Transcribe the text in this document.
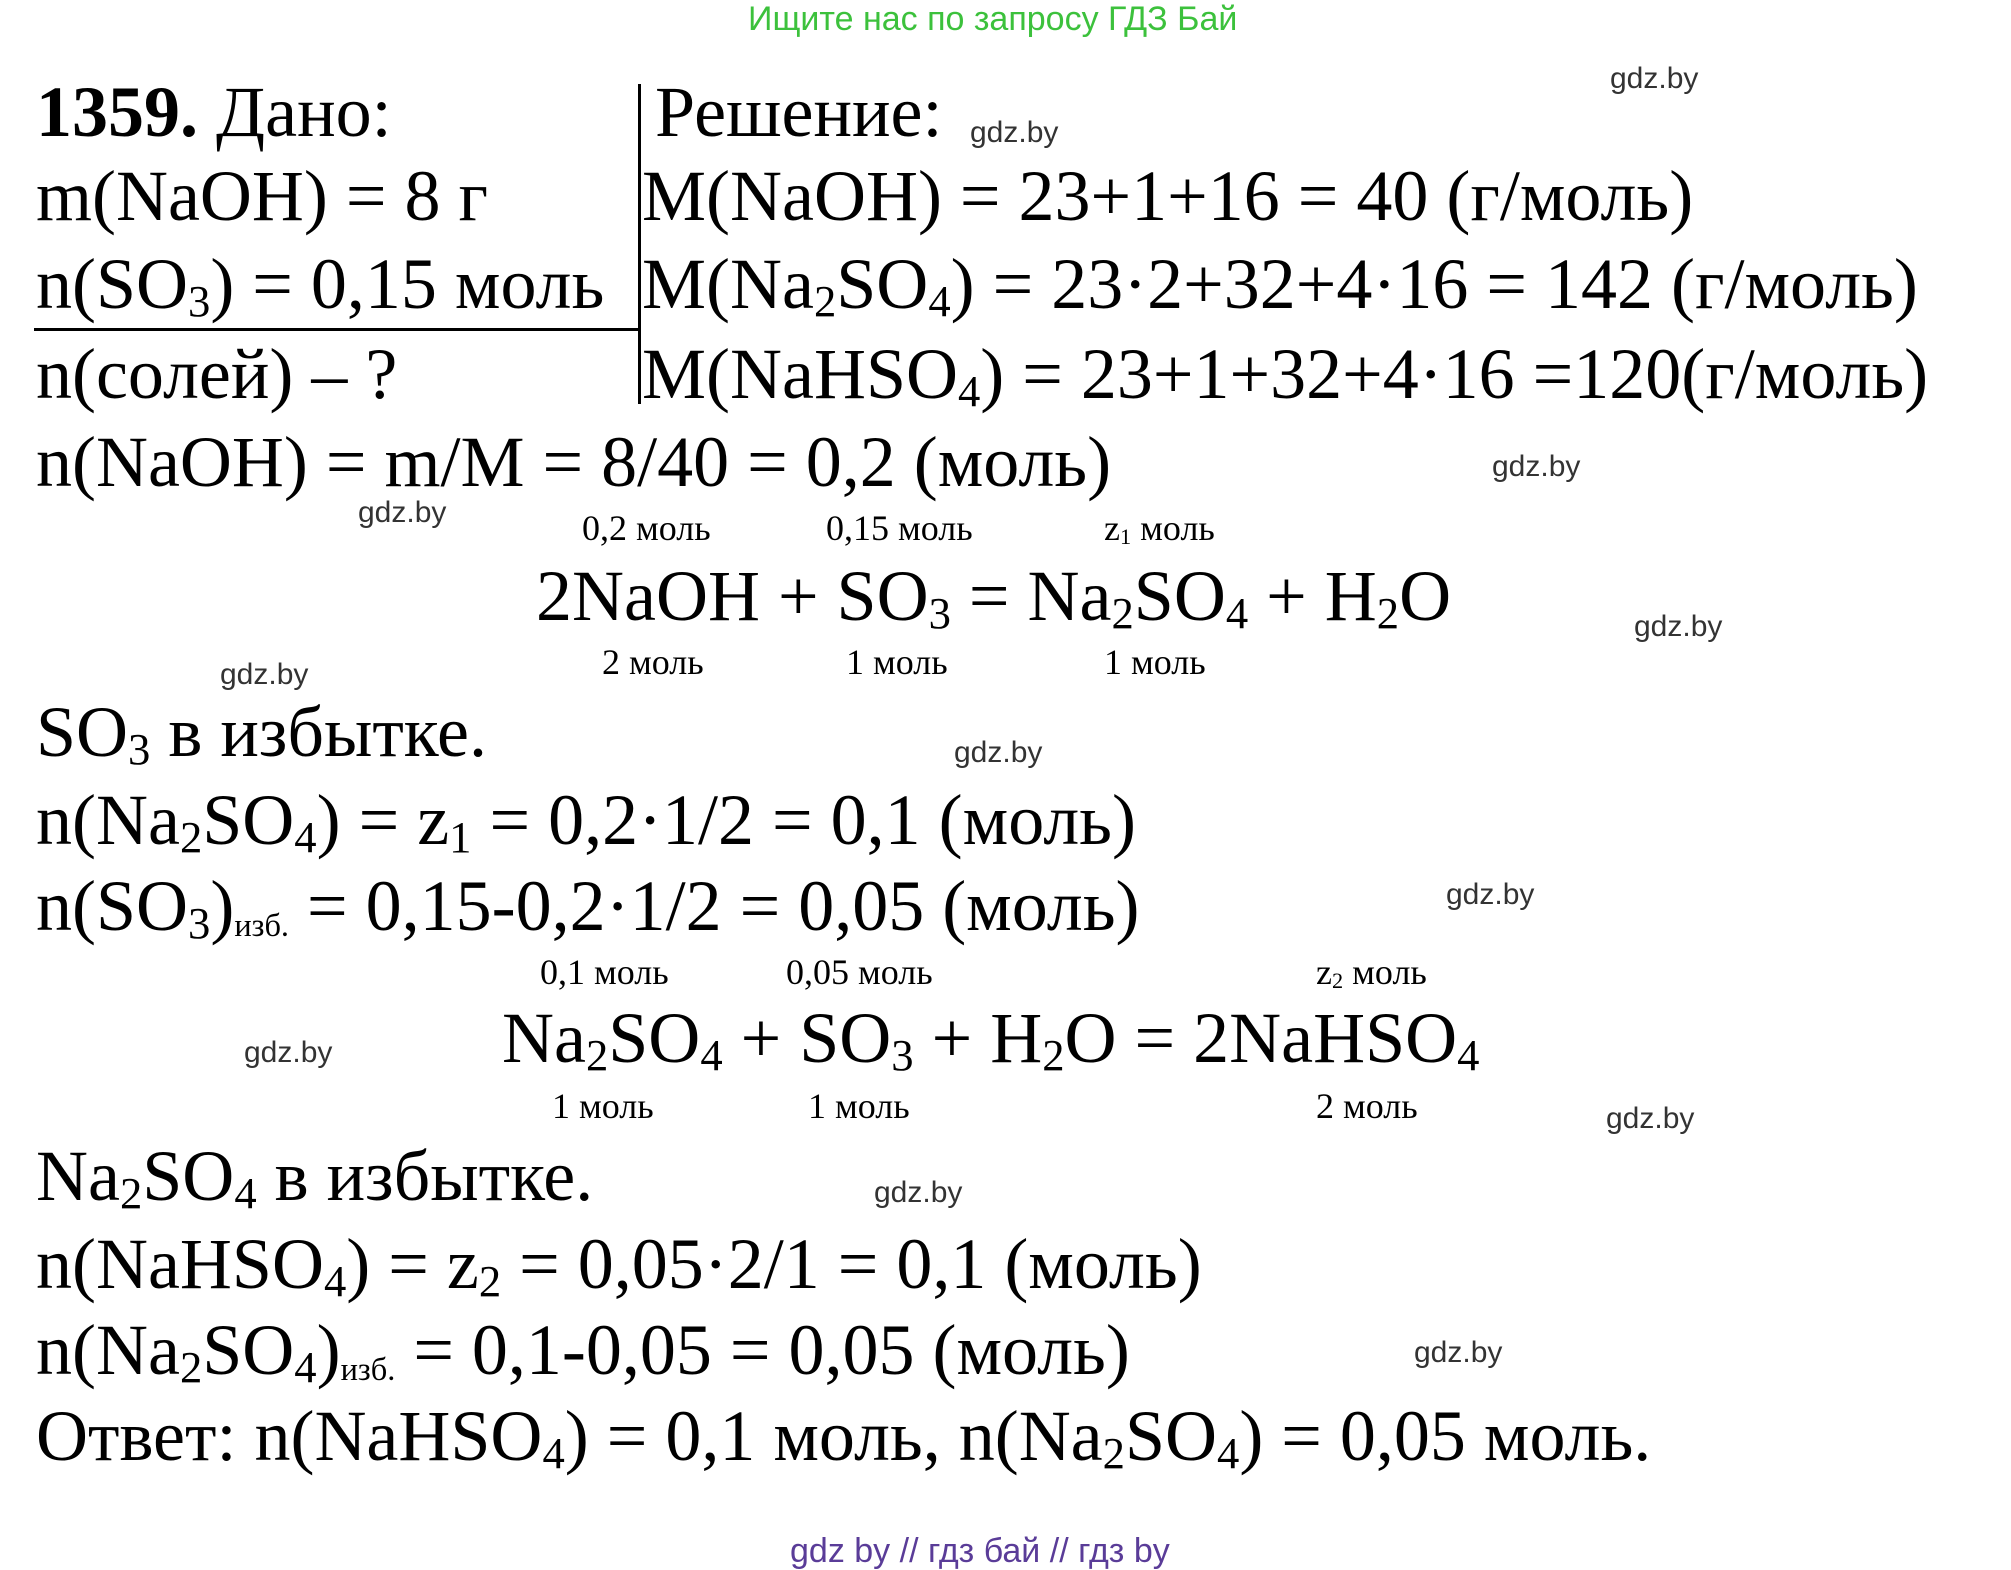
Ищите нас по запросу ГДЗ Бай
1359. Дано:
m(NaOH) = 8 г
$n(SO_3) = 0,15$ моль
n(солей) – ?
Решение:
M(NaOH) = 23+1+16 = 40 (г/моль)
$M(Na_2SO_4) = 23\cdot 2+32+4\cdot 16 = 142$ (г/моль)
M(NaHSO$_4$) = 23+1+32+4·16 =120(г/моль)
n(NaOH) = m/M = 8/40 = 0,2 (моль)
0,2 моль	0,15 моль	$z_1$ моль
2NaOH + $SO_3 = Na_2SO_4 + H_2O$
2 моль	1 моль	1 моль
$SO_3$ в избытке.
$n(Na_2SO_4) = z_1 = 0,2\cdot 1/2 = 0,1$ (моль)
$n(SO_3)_{изб.} = 0,15-0,2\cdot 1/2 = 0,05$ (моль)
0,1 моль	0,05 моль	$z_2$ моль
$Na_2SO_4 + SO_3 + H_2O$ = 2NaHSO$_4$
1 моль	1 моль	2 моль
$Na_2SO_4$ в избытке.
n(NaHSO$_4$) = $z_2 = 0,05\cdot 2/1 = 0,1$ (моль)
$n(Na_2SO_4)_{изб.} = 0,1-0,05 = 0,05$ (моль)
Ответ: n(NaHSO$_4$) = 0,1 моль, $n(Na_2SO_4) = 0,05$ моль.
gdz.by
gdz.by
gdz.by
gdz.by
gdz.by
gdz.by
gdz.by
gdz.by
gdz.by
gdz.by
gdz.by
gdz.by
gdz by // гдз бай // гдз by
